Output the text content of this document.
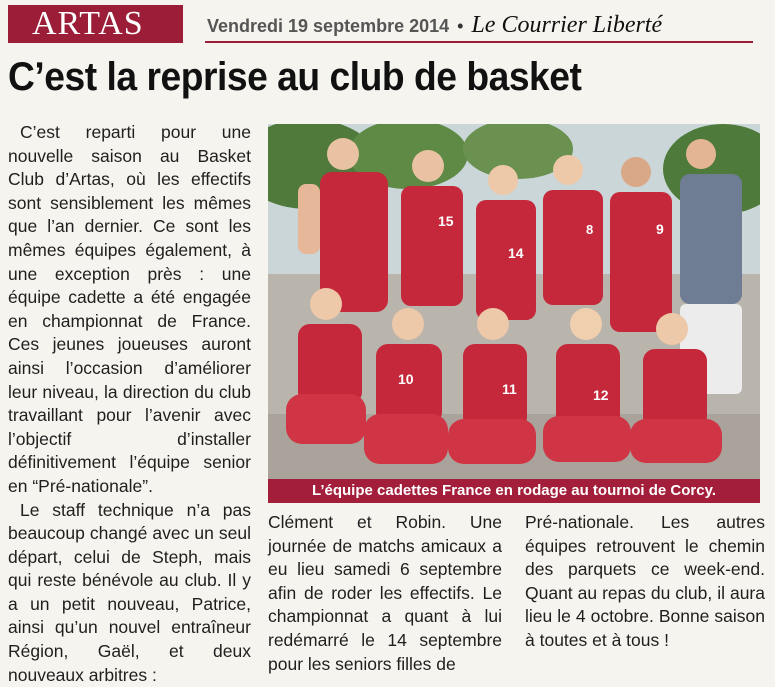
ARTAS	Vendredi 19 septembre 2014 • Le Courrier Liberté
C’est la reprise au club de basket

C’est reparti pour une nouvelle saison au Basket Club d’Artas, où les effectifs sont sensiblement les mêmes que l’an dernier. Ce sont les mêmes équipes également, à une exception près : une équipe cadette a été engagée en championnat de France. Ces jeunes joueuses auront ainsi l’occasion d’améliorer leur niveau, la direction du club travaillant pour l’avenir avec l’objectif d’installer définitivement l’équipe senior en “Pré-nationale”.

Le staff technique n’a pas beaucoup changé avec un seul départ, celui de Steph, mais qui reste bénévole au club. Il y a un petit nouveau, Patrice, ainsi qu’un nouvel entraîneur Région, Gaël, et deux nouveaux arbitres :

15
14
8	9
10
11	12
L’équipe cadettes France en rodage au tournoi de Corcy.

Clément et Robin. Une journée de matchs amicaux a eu lieu samedi 6 septembre afin de roder les effectifs. Le championnat a quant à lui redémarré le 14 septembre pour les seniors filles de

Pré-nationale. Les autres équipes retrouvent le chemin des parquets ce week-end. Quant au repas du club, il aura lieu le 4 octobre. Bonne saison à toutes et à tous !
